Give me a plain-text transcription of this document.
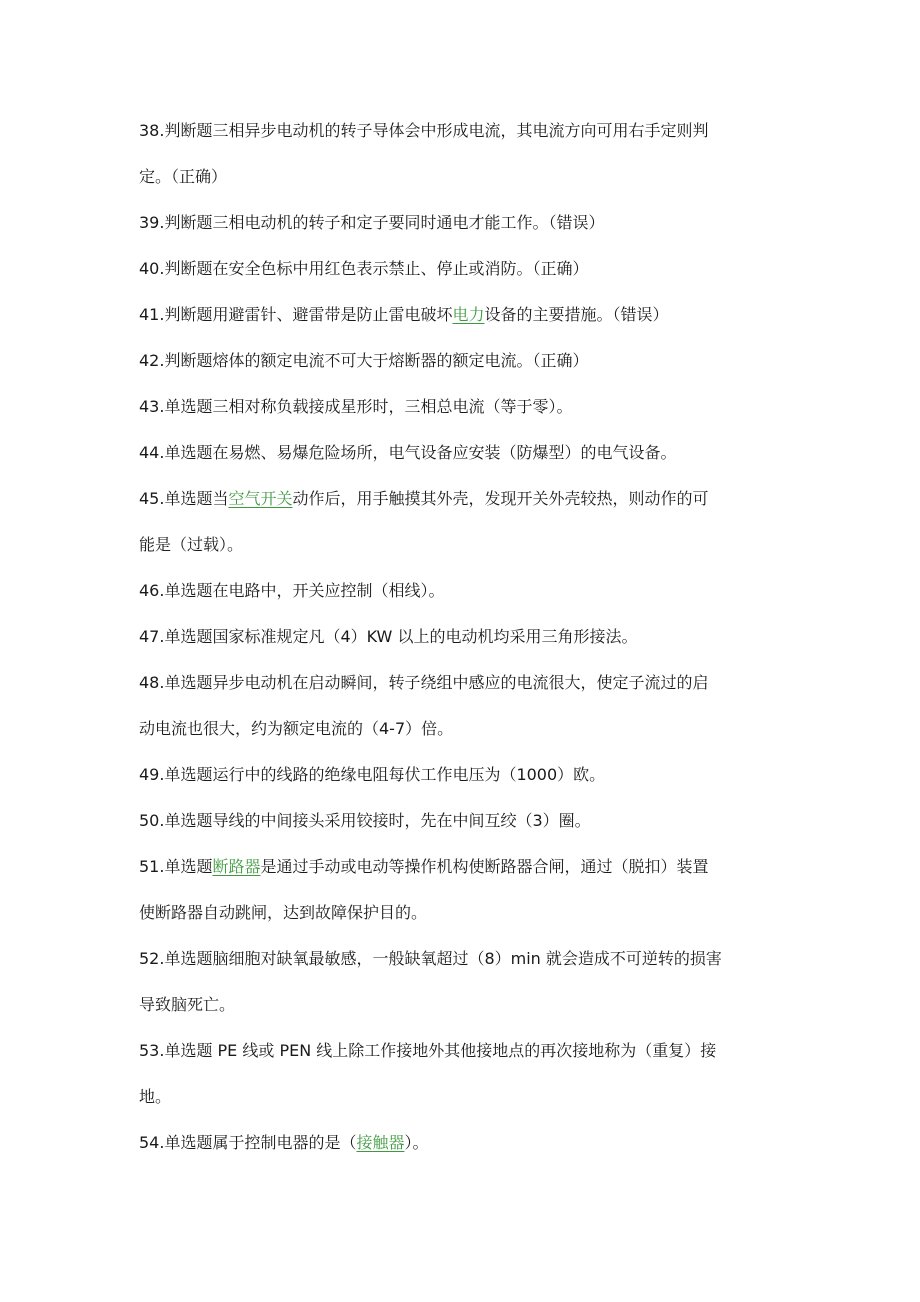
38.判断题三相异步电动机的转子导体会中形成电流，其电流方向可用右手定则判

定。（正确）

39.判断题三相电动机的转子和定子要同时通电才能工作。（错误）

40.判断题在安全色标中用红色表示禁止、停止或消防。（正确）

41.判断题用避雷针、避雷带是防止雷电破坏电力设备的主要措施。（错误）

42.判断题熔体的额定电流不可大于熔断器的额定电流。（正确）

43.单选题三相对称负载接成星形时，三相总电流（等于零）。

44.单选题在易燃、易爆危险场所，电气设备应安装（防爆型）的电气设备。

45.单选题当空气开关动作后，用手触摸其外壳，发现开关外壳较热，则动作的可

能是（过载）。

46.单选题在电路中，开关应控制（相线）。

47.单选题国家标准规定凡（4）KW 以上的电动机均采用三角形接法。

48.单选题异步电动机在启动瞬间，转子绕组中感应的电流很大，使定子流过的启

动电流也很大，约为额定电流的（4-7）倍。

49.单选题运行中的线路的绝缘电阻每伏工作电压为（1000）欧。

50.单选题导线的中间接头采用铰接时，先在中间互绞（3）圈。

51.单选题断路器是通过手动或电动等操作机构使断路器合闸，通过（脱扣）装置

使断路器自动跳闸，达到故障保护目的。

52.单选题脑细胞对缺氧最敏感，一般缺氧超过（8）min 就会造成不可逆转的损害

导致脑死亡。

53.单选题 PE 线或 PEN 线上除工作接地外其他接地点的再次接地称为（重复）接

地。

54.单选题属于控制电器的是（接触器）。
